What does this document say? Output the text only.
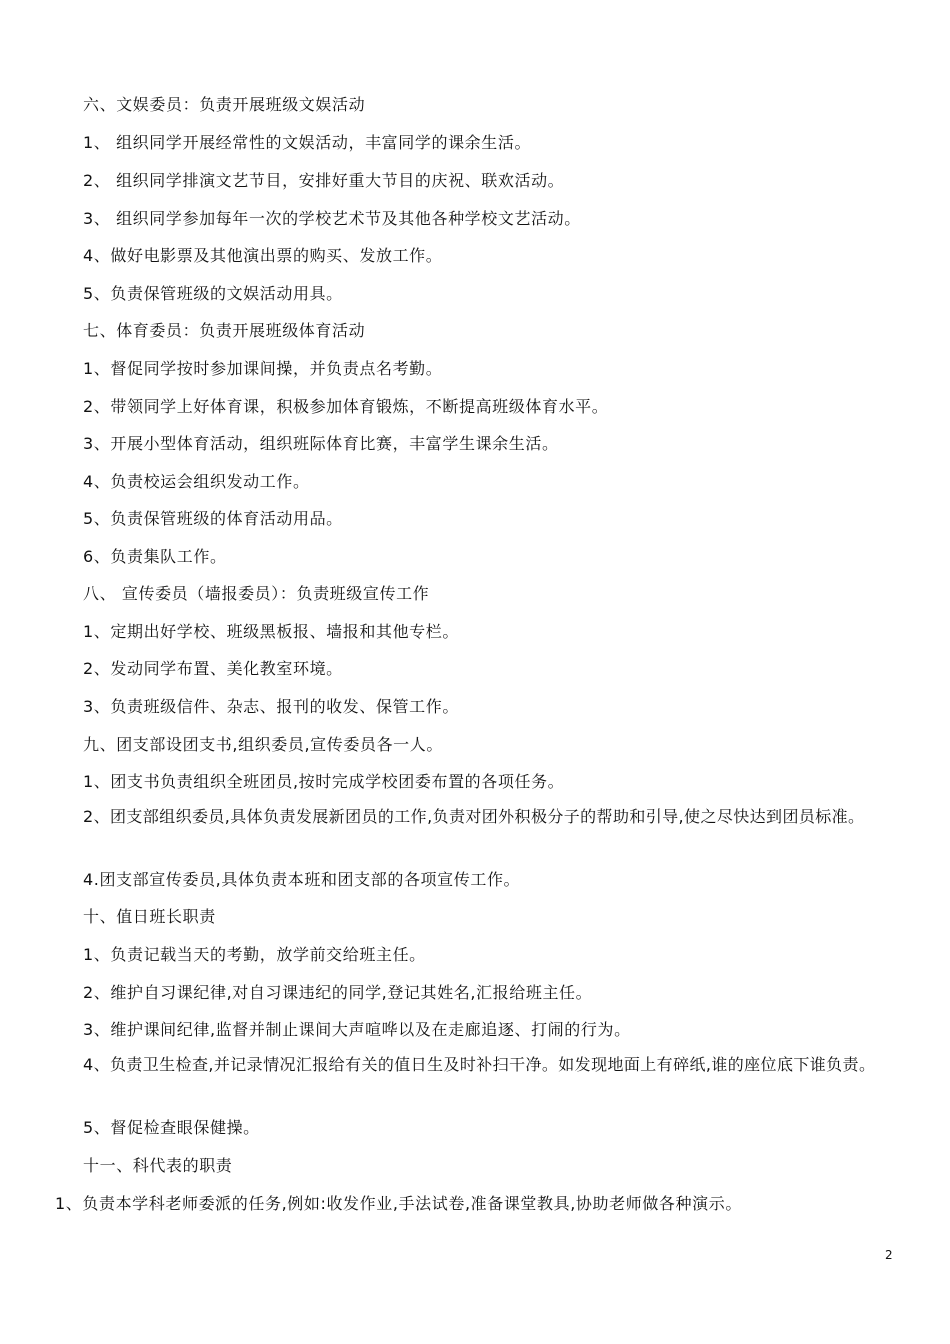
六、文娱委员：负责开展班级文娱活动
1、 组织同学开展经常性的文娱活动，丰富同学的课余生活。
2、 组织同学排演文艺节目，安排好重大节目的庆祝、联欢活动。
3、 组织同学参加每年一次的学校艺术节及其他各种学校文艺活动。
4、做好电影票及其他演出票的购买、发放工作。
5、负责保管班级的文娱活动用具。
七、体育委员：负责开展班级体育活动
1、督促同学按时参加课间操，并负责点名考勤。
2、带领同学上好体育课，积极参加体育锻炼，不断提高班级体育水平。
3、开展小型体育活动，组织班际体育比赛，丰富学生课余生活。
4、负责校运会组织发动工作。
5、负责保管班级的体育活动用品。
6、负责集队工作。
八、 宣传委员（墙报委员）：负责班级宣传工作
1、定期出好学校、班级黑板报、墙报和其他专栏。
2、发动同学布置、美化教室环境。
3、负责班级信件、杂志、报刊的收发、保管工作。
九、团支部设团支书,组织委员,宣传委员各一人。
1、团支书负责组织全班团员,按时完成学校团委布置的各项任务。
2、团支部组织委员,具体负责发展新团员的工作,负责对团外积极分子的帮助和引导,使之尽快达到团员标准。
4.团支部宣传委员,具体负责本班和团支部的各项宣传工作。
十、值日班长职责
1、负责记载当天的考勤，放学前交给班主任。
2、维护自习课纪律,对自习课违纪的同学,登记其姓名,汇报给班主任。
3、维护课间纪律,监督并制止课间大声喧哗以及在走廊追逐、打闹的行为。
4、负责卫生检查,并记录情况汇报给有关的值日生及时补扫干净。如发现地面上有碎纸,谁的座位底下谁负责。
5、督促检查眼保健操。
十一、科代表的职责
1、负责本学科老师委派的任务,例如:收发作业,手法试卷,准备课堂教具,协助老师做各种演示。
2
